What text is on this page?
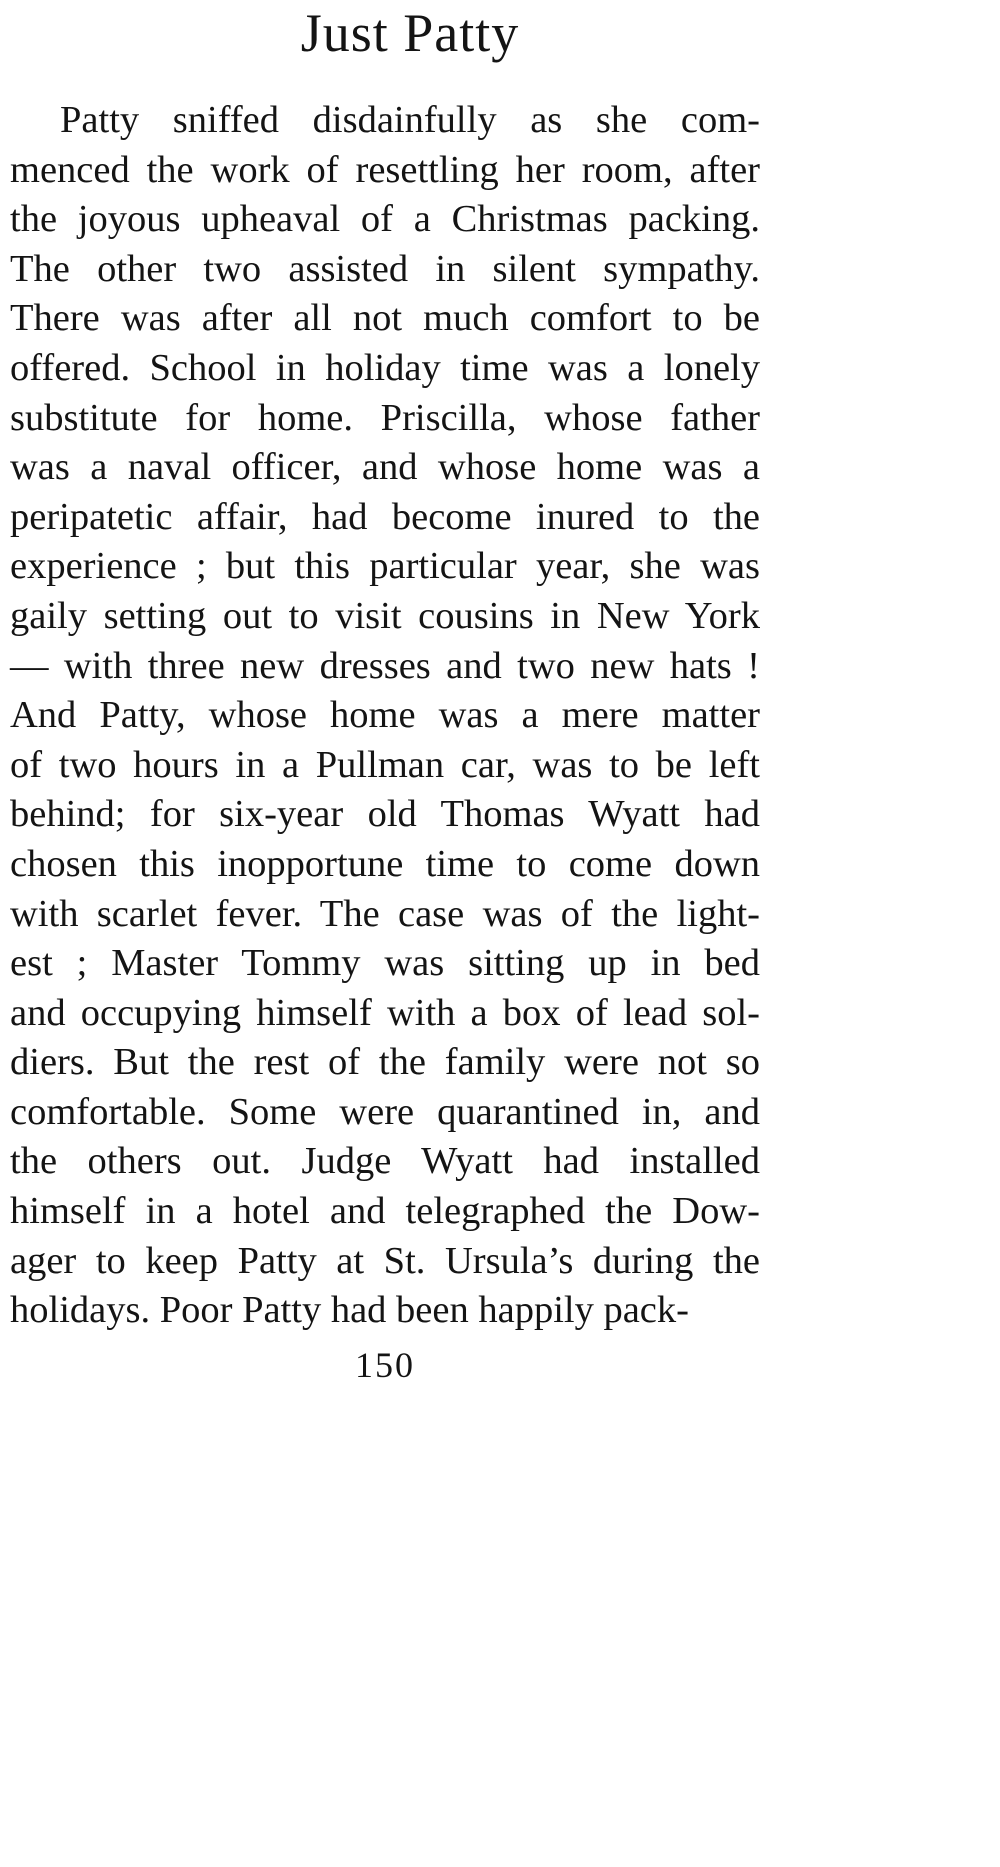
Just Patty
Patty sniffed disdainfully as she com-
menced the work of resettling her room, after
the joyous upheaval of a Christmas packing.
The other two assisted in silent sympathy.
There was after all not much comfort to be
offered. School in holiday time was a lonely
substitute for home. Priscilla, whose father
was a naval officer, and whose home was a
peripatetic affair, had become inured to the
experience ; but this particular year, she was
gaily setting out to visit cousins in New York
— with three new dresses and two new hats !
And Patty, whose home was a mere matter
of two hours in a Pullman car, was to be left
behind; for six-year old Thomas Wyatt had
chosen this inopportune time to come down
with scarlet fever. The case was of the light-
est ; Master Tommy was sitting up in bed
and occupying himself with a box of lead sol-
diers. But the rest of the family were not so
comfortable. Some were quarantined in, and
the others out. Judge Wyatt had installed
himself in a hotel and telegraphed the Dow-
ager to keep Patty at St. Ursula’s during the
holidays. Poor Patty had been happily pack-
150
